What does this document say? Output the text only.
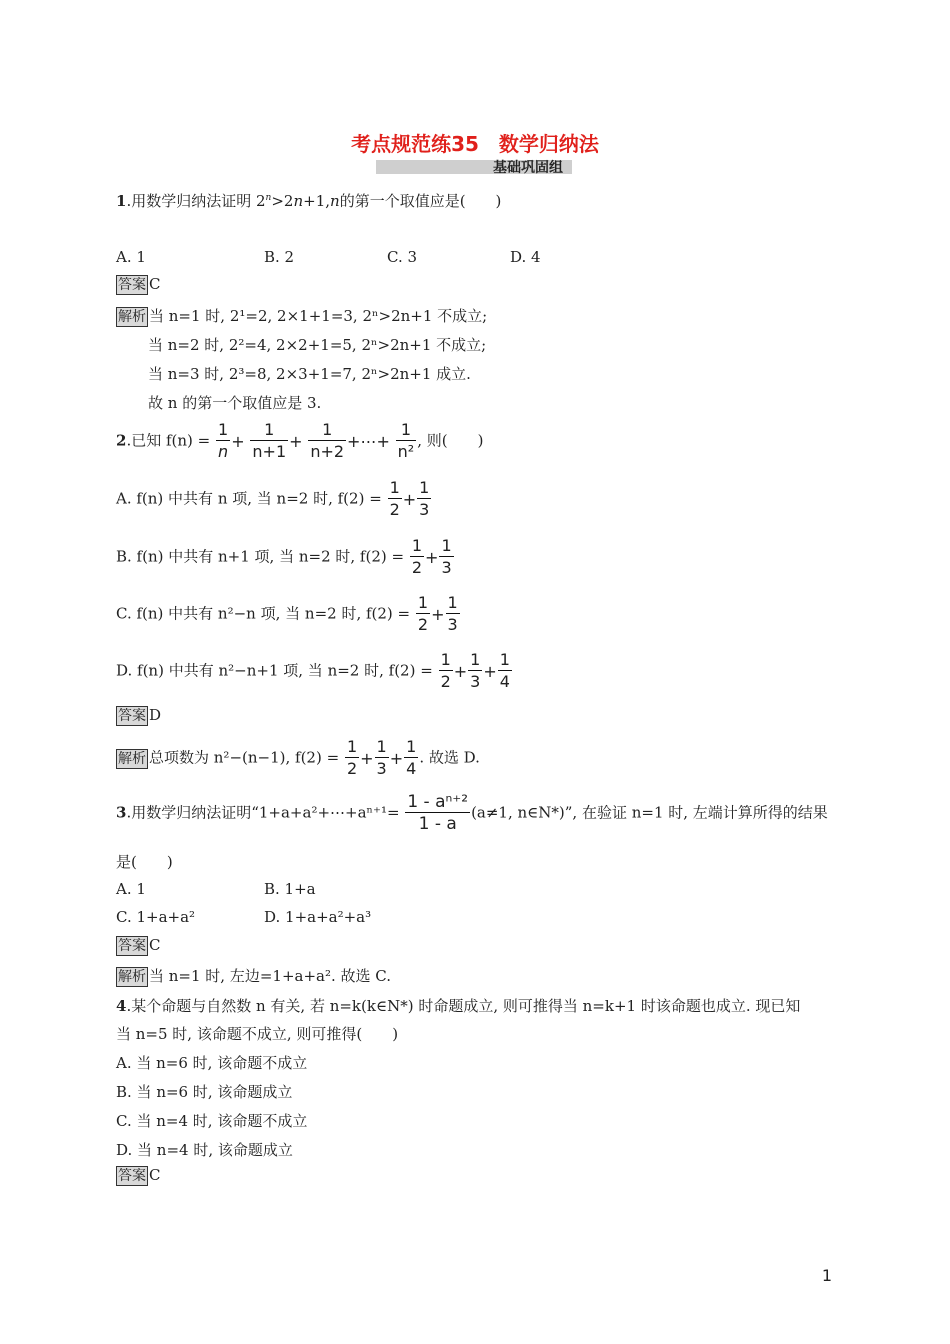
考点规范练35　数学归纳法
基础巩固组
1.用数学归纳法证明 $2^n>2n+1,n$的第一个取值应是(　　)
A. 1	B. 2	C. 3	D. 4
答案 C
解析 当 n=1 时, 2¹=2, 2×1+1=3, 2ⁿ>2n+1 不成立;
当 n=2 时, 2²=4, 2×2+1=5, 2ⁿ>2n+1 不成立;
当 n=3 时, 2³=8, 2×3+1=7, 2ⁿ>2n+1 成立.
故 n 的第一个取值应是 3.
2.已知 $f(n) = \frac{1}{n} + \frac{1}{n+1} + \frac{1}{n+2}$ +⋯+ $\frac{1}{\text{n²}}$ , 则(　　)
A. f(n) 中共有 n 项, 当 n=2 时, $f(2) = \frac{1}{2} + \frac{1}{3}$
B. f(n) 中共有 n+1 项, 当 n=2 时, $f(2) = \frac{1}{2} + \frac{1}{3}$
C. f(n) 中共有 n²−n 项, 当 n=2 时, $f(2) = \frac{1}{2} + \frac{1}{3}$
D. f(n) 中共有 n²−n+1 项, 当 n=2 时, $f(2) = \frac{1}{2} + \frac{1}{3} + \frac{1}{4}$
答案 D
解析 总项数为 n²−(n−1), $f(2) = \frac{1}{2} + \frac{1}{3} + \frac{1}{4}$ . 故选 D.
3.用数学归纳法证明“1+a+a²+⋯+aⁿ⁺¹= $\frac{\text{1 - aⁿ⁺²}}{1 - a} (a\ne 1$, n∈N*)”, 在验证 n=1 时, 左端计算所得的结果
是(　　)
A. 1	B. 1+a
C. 1+a+a²	D. 1+a+a²+a³
答案 C
解析 当 n=1 时, 左边=1+a+a². 故选 C.
4.某个命题与自然数 n 有关, 若 n=k(k∈N*) 时命题成立, 则可推得当 n=k+1 时该命题也成立. 现已知
当 n=5 时, 该命题不成立, 则可推得(　　)
A. 当 n=6 时, 该命题不成立
B. 当 n=6 时, 该命题成立
C. 当 n=4 时, 该命题不成立
D. 当 n=4 时, 该命题成立
答案 C
1
